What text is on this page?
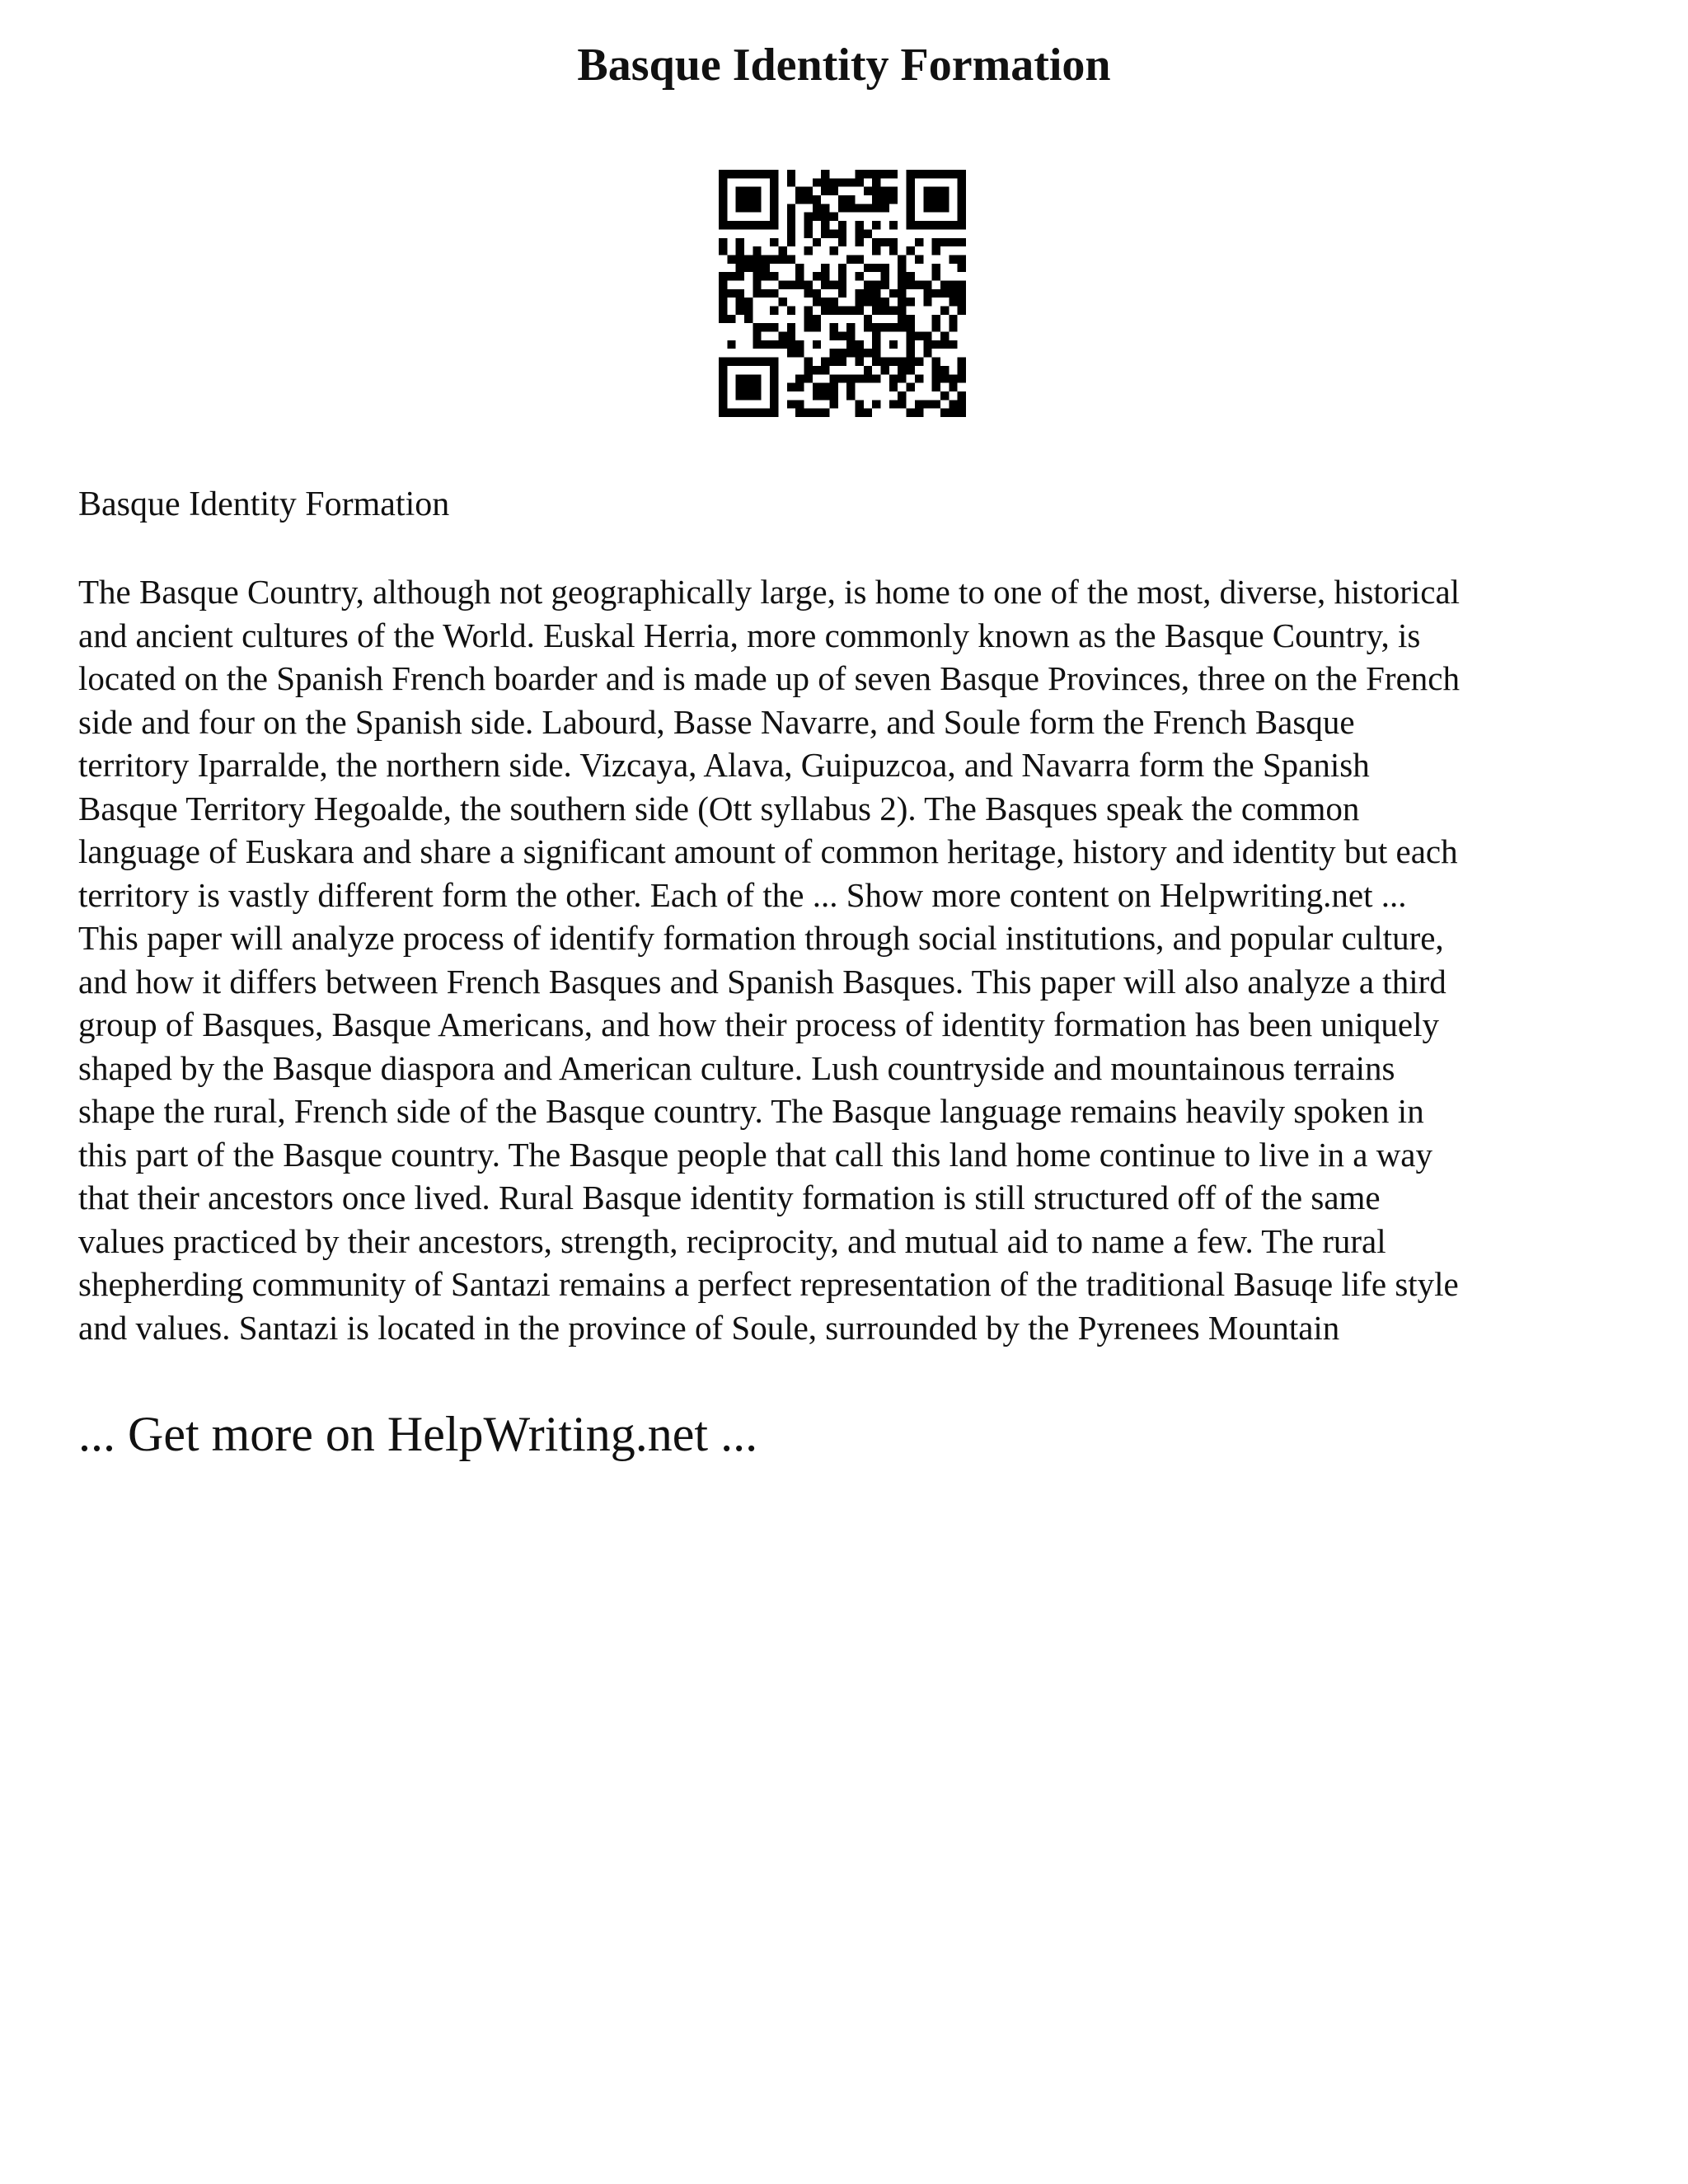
Basque Identity Formation

Basque Identity Formation

The Basque Country, although not geographically large, is home to one of the most, diverse, historical
and ancient cultures of the World. Euskal Herria, more commonly known as the Basque Country, is
located on the Spanish French boarder and is made up of seven Basque Provinces, three on the French
side and four on the Spanish side. Labourd, Basse Navarre, and Soule form the French Basque
territory Iparralde, the northern side. Vizcaya, Alava, Guipuzcoa, and Navarra form the Spanish
Basque Territory Hegoalde, the southern side (Ott syllabus 2). The Basques speak the common
language of Euskara and share a significant amount of common heritage, history and identity but each
territory is vastly different form the other. Each of the ... Show more content on Helpwriting.net ...
This paper will analyze process of identify formation through social institutions, and popular culture,
and how it differs between French Basques and Spanish Basques. This paper will also analyze a third
group of Basques, Basque Americans, and how their process of identity formation has been uniquely
shaped by the Basque diaspora and American culture. Lush countryside and mountainous terrains
shape the rural, French side of the Basque country. The Basque language remains heavily spoken in
this part of the Basque country. The Basque people that call this land home continue to live in a way
that their ancestors once lived. Rural Basque identity formation is still structured off of the same
values practiced by their ancestors, strength, reciprocity, and mutual aid to name a few. The rural
shepherding community of Santazi remains a perfect representation of the traditional Basuqe life style
and values. Santazi is located in the province of Soule, surrounded by the Pyrenees Mountain

... Get more on HelpWriting.net ...
